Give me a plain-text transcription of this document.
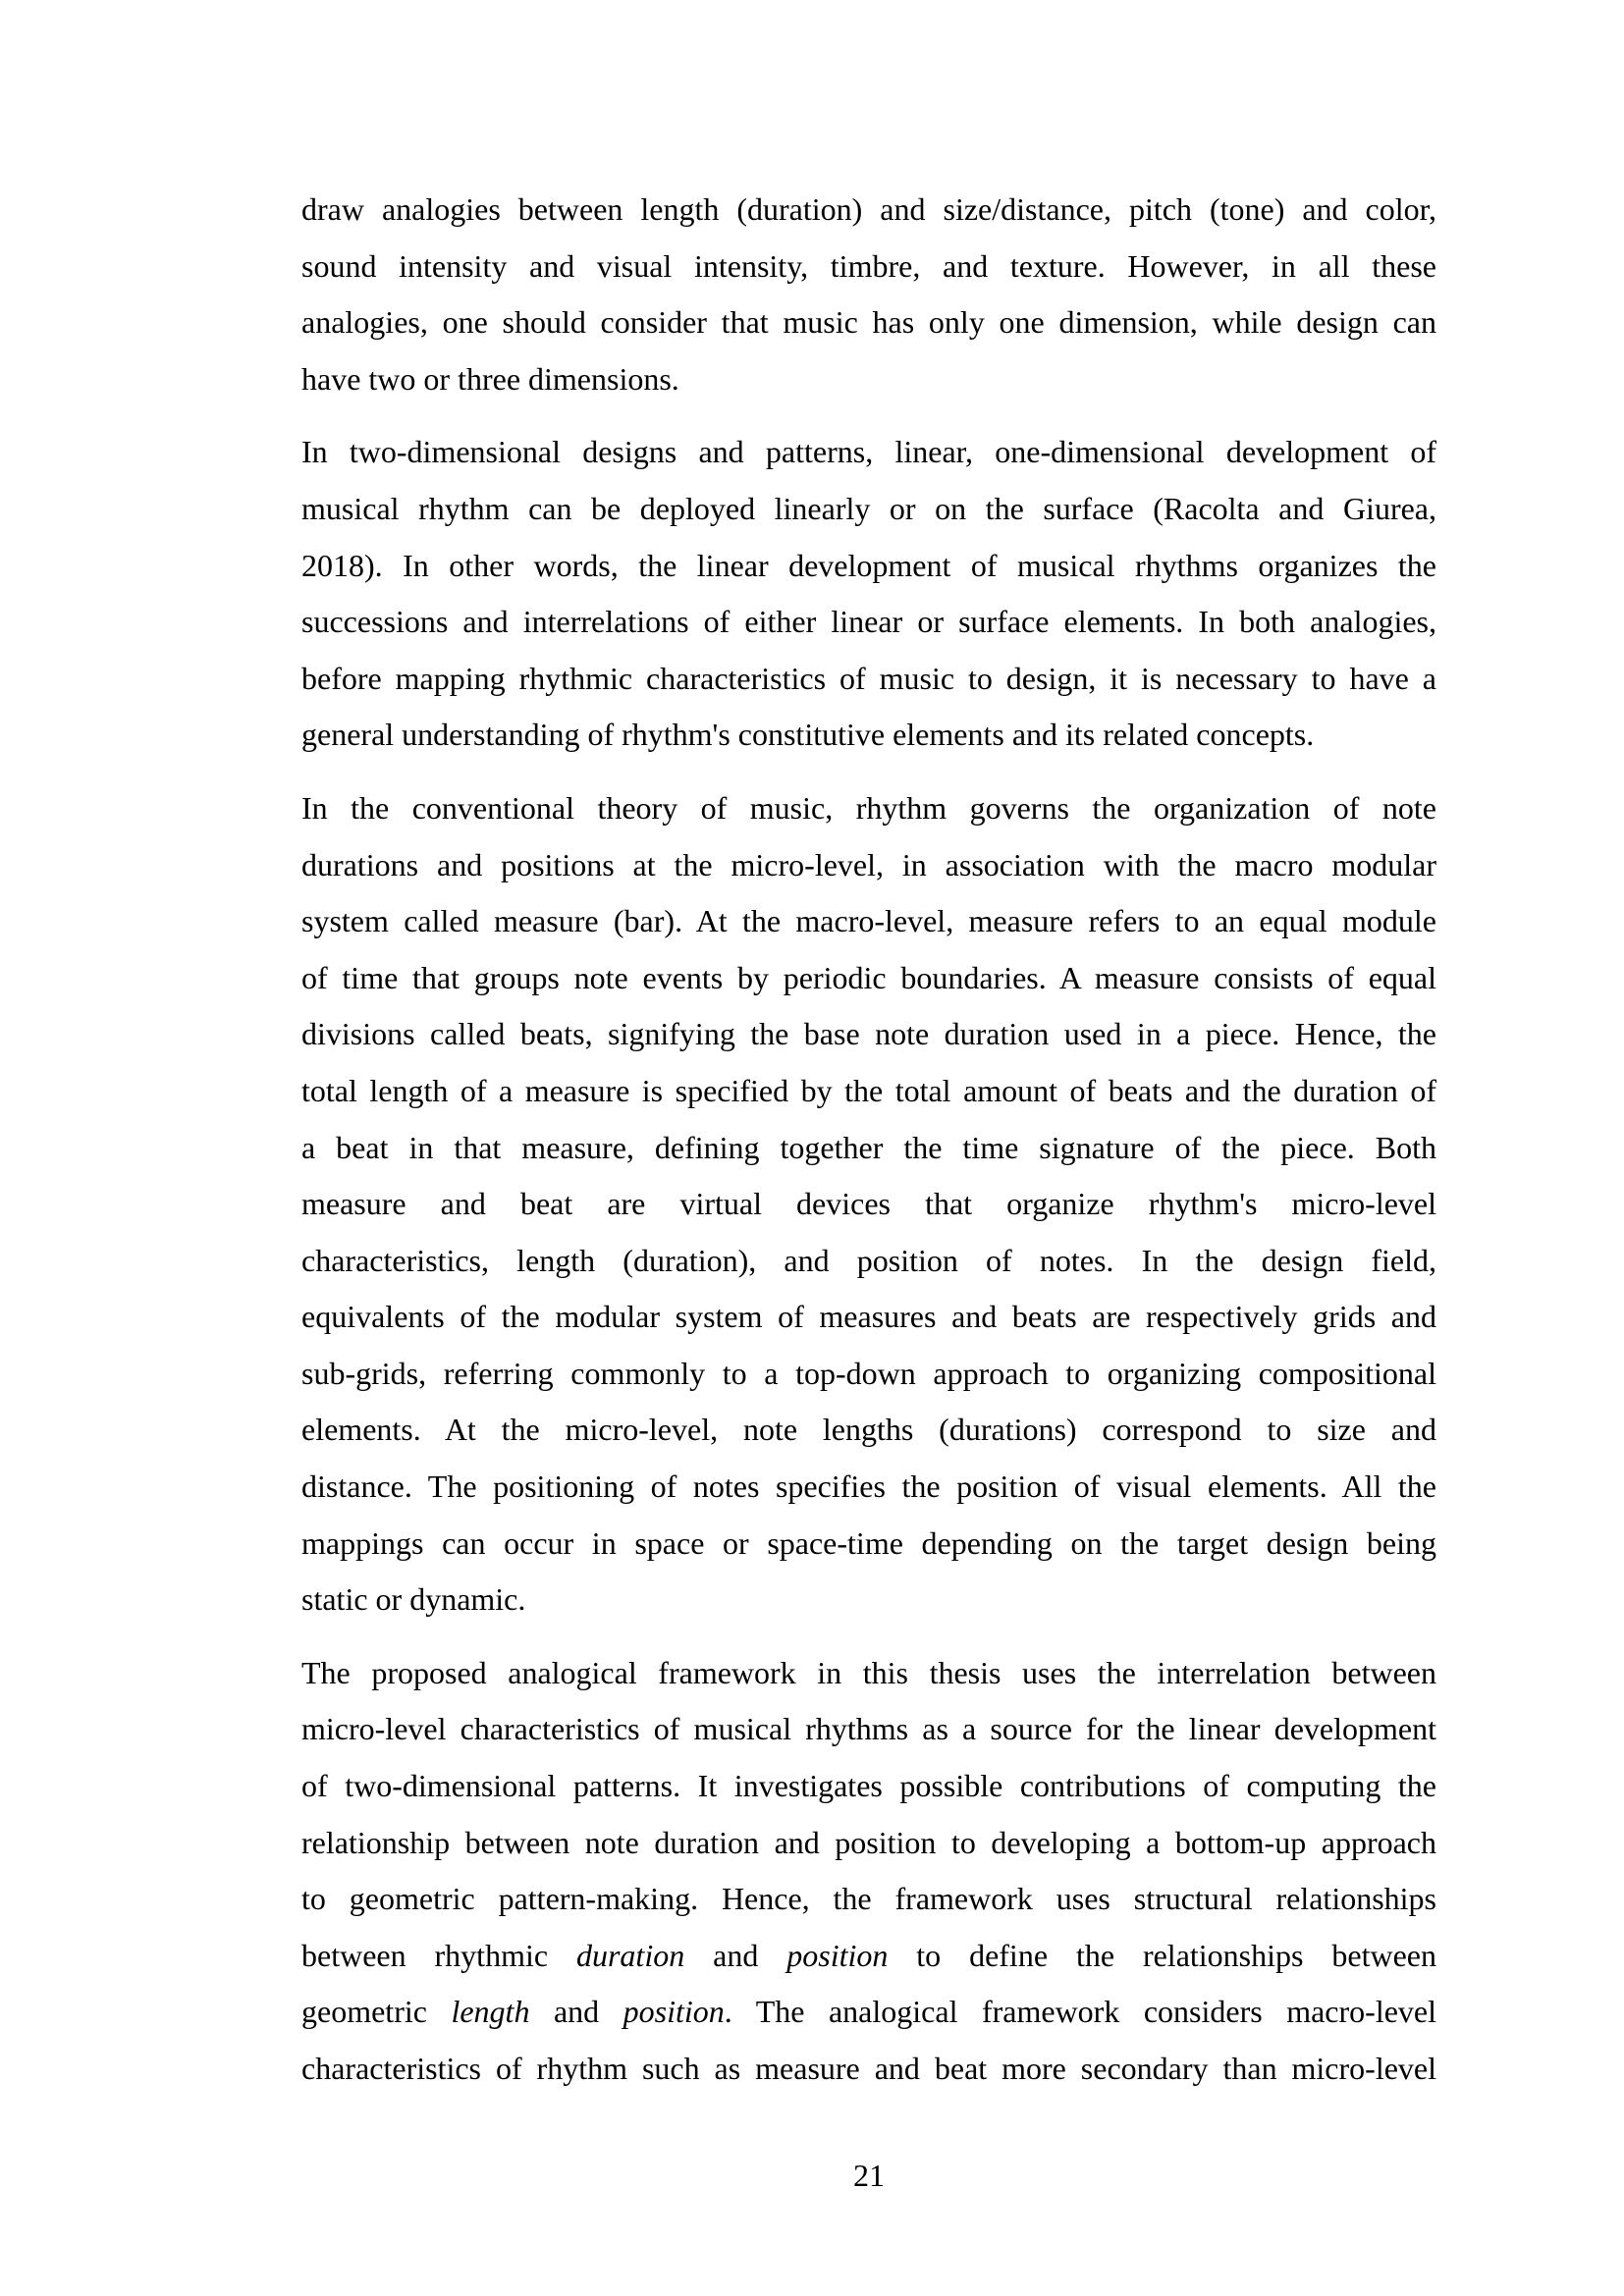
draw analogies between length (duration) and size/distance, pitch (tone) and color,
sound intensity and visual intensity, timbre, and texture. However, in all these
analogies, one should consider that music has only one dimension, while design can
have two or three dimensions.

In two-dimensional designs and patterns, linear, one-dimensional development of
musical rhythm can be deployed linearly or on the surface (Racolta and Giurea,
2018). In other words, the linear development of musical rhythms organizes the
successions and interrelations of either linear or surface elements. In both analogies,
before mapping rhythmic characteristics of music to design, it is necessary to have a
general understanding of rhythm's constitutive elements and its related concepts.

In the conventional theory of music, rhythm governs the organization of note
durations and positions at the micro-level, in association with the macro modular
system called measure (bar). At the macro-level, measure refers to an equal module
of time that groups note events by periodic boundaries. A measure consists of equal
divisions called beats, signifying the base note duration used in a piece. Hence, the
total length of a measure is specified by the total amount of beats and the duration of
a beat in that measure, defining together the time signature of the piece. Both
measure and beat are virtual devices that organize rhythm's micro-level
characteristics, length (duration), and position of notes. In the design field,
equivalents of the modular system of measures and beats are respectively grids and
sub-grids, referring commonly to a top-down approach to organizing compositional
elements. At the micro-level, note lengths (durations) correspond to size and
distance. The positioning of notes specifies the position of visual elements. All the
mappings can occur in space or space-time depending on the target design being
static or dynamic.

The proposed analogical framework in this thesis uses the interrelation between
micro-level characteristics of musical rhythms as a source for the linear development
of two-dimensional patterns. It investigates possible contributions of computing the
relationship between note duration and position to developing a bottom-up approach
to geometric pattern-making. Hence, the framework uses structural relationships
between rhythmic duration and position to define the relationships between
geometric length and position. The analogical framework considers macro-level
characteristics of rhythm such as measure and beat more secondary than micro-level

21
